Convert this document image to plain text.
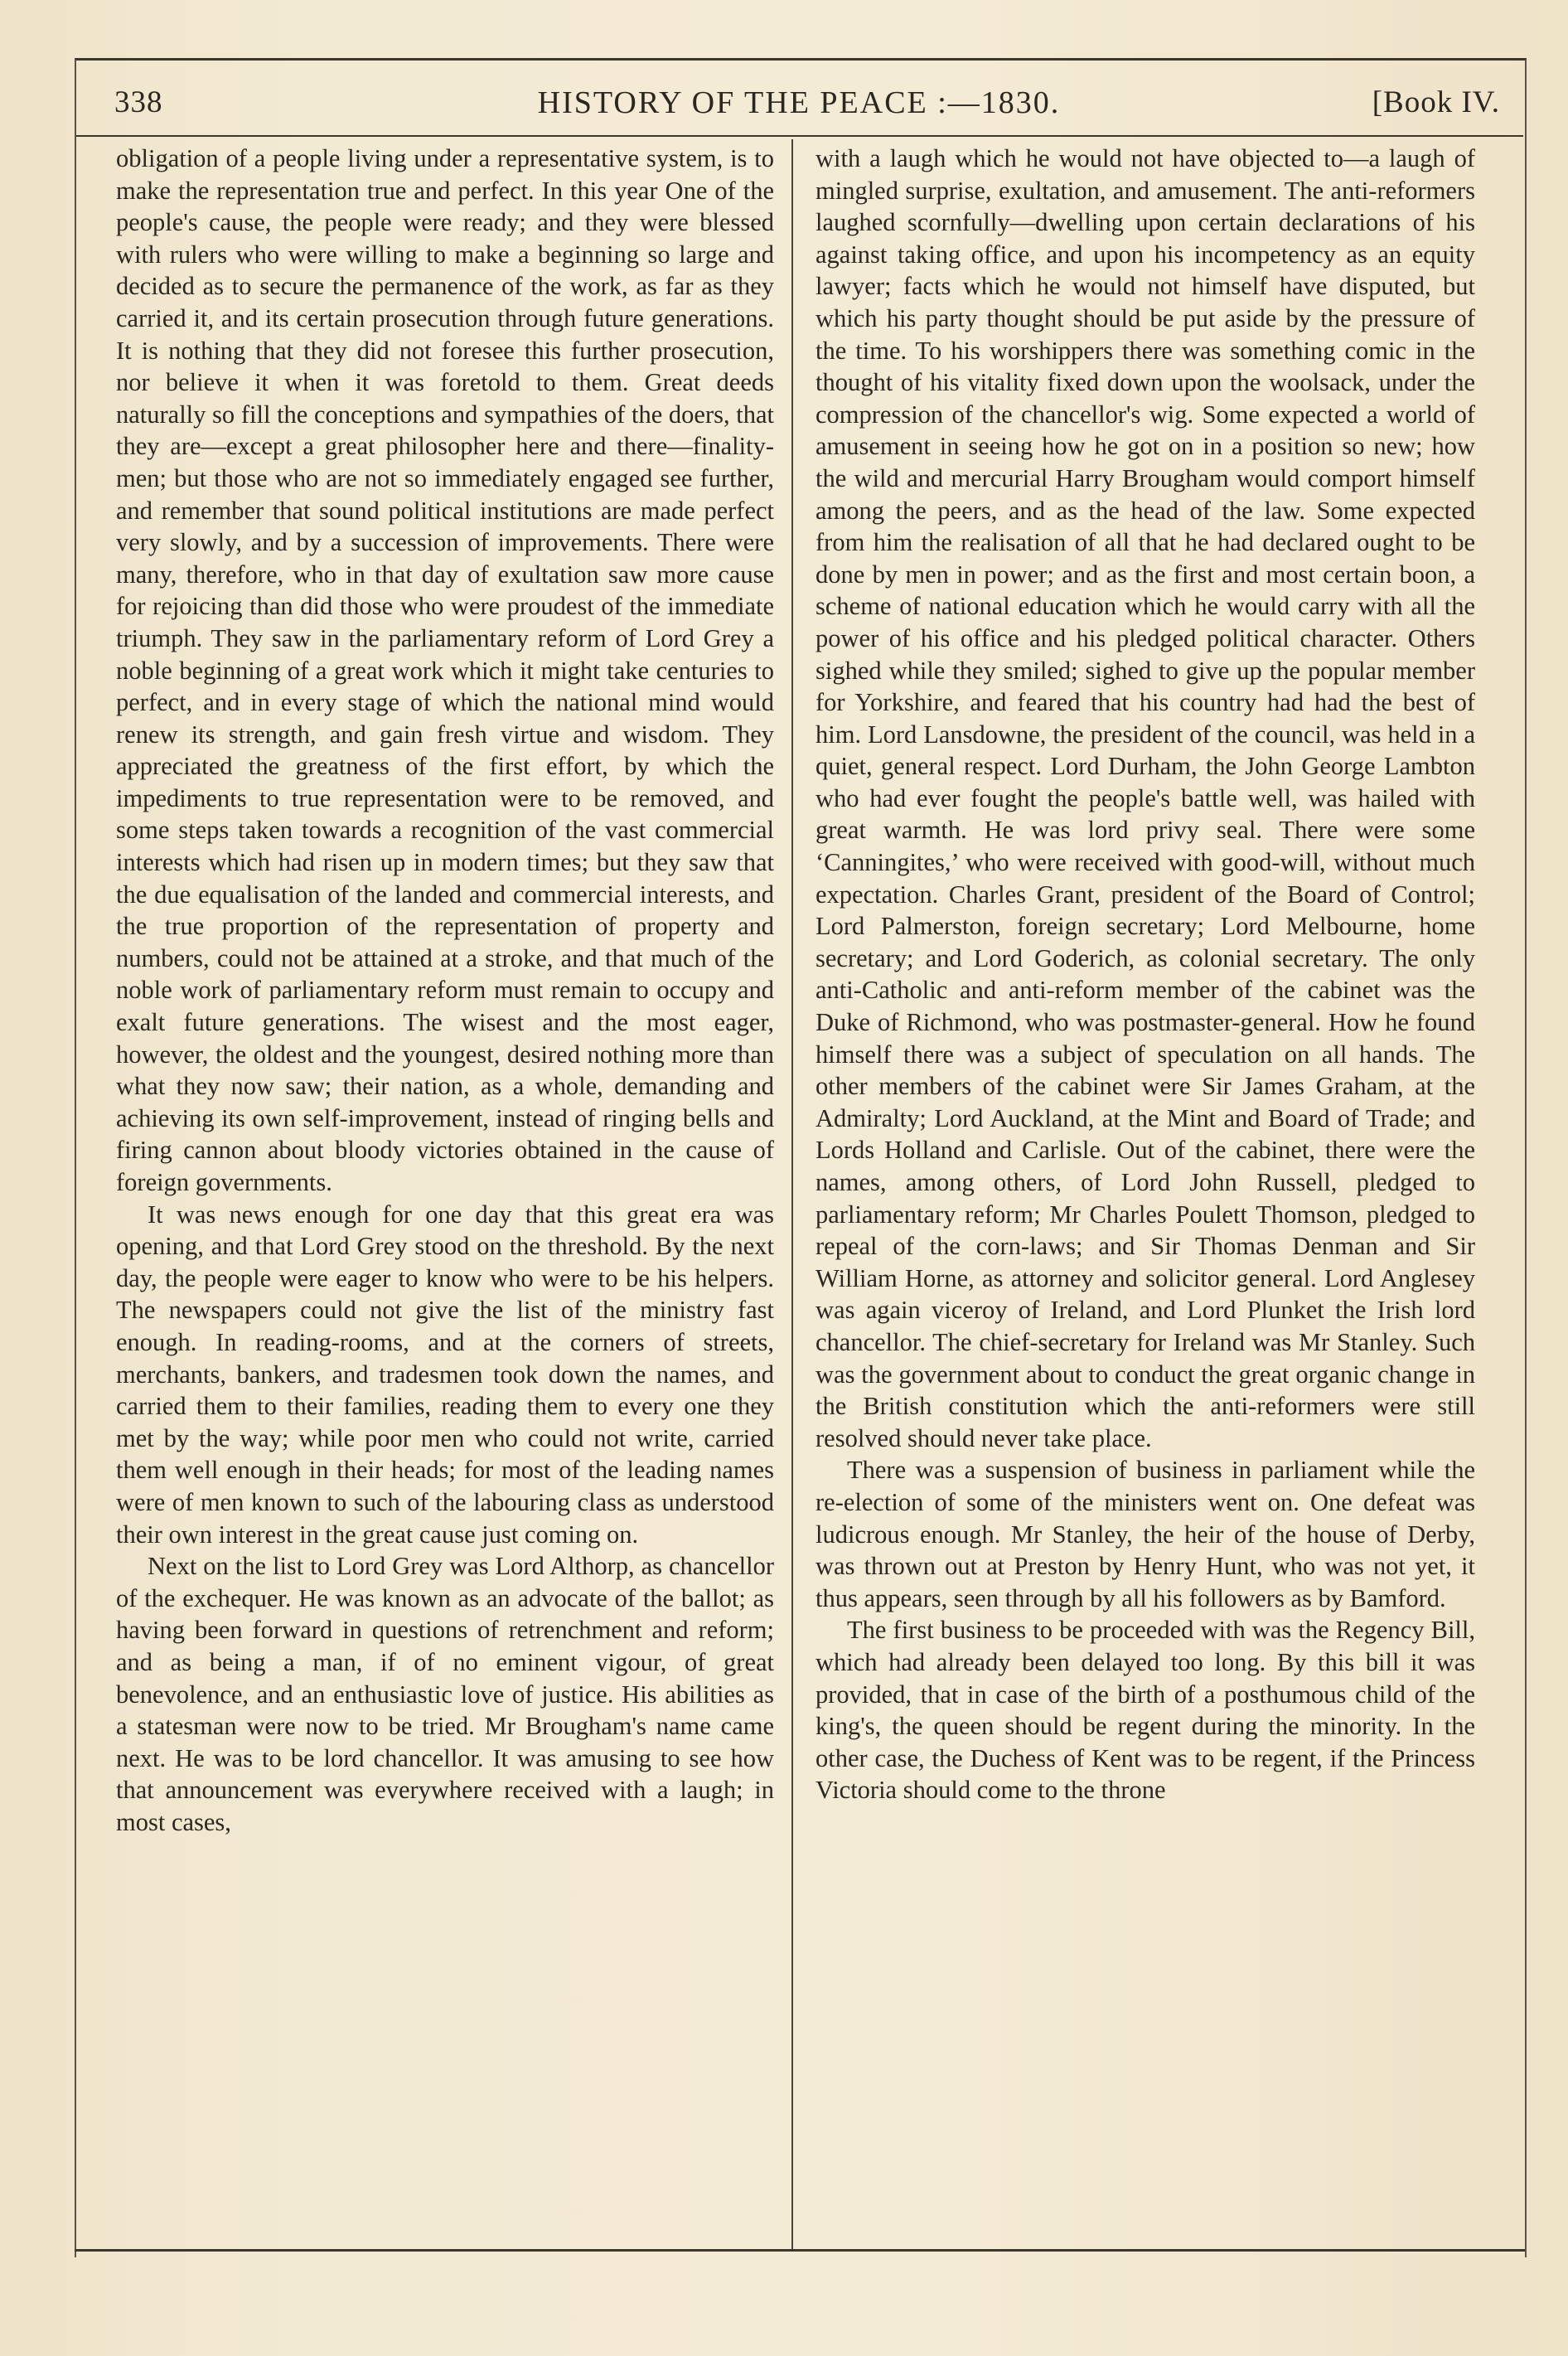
338	HISTORY OF THE PEACE :—1830.	[Book IV.

obligation of a people living under a representative system, is to make the representation true and perfect. In this year One of the people's cause, the people were ready; and they were blessed with rulers who were willing to make a beginning so large and decided as to secure the permanence of the work, as far as they carried it, and its certain prosecution through future generations. It is nothing that they did not foresee this further prosecution, nor believe it when it was foretold to them. Great deeds naturally so fill the conceptions and sympathies of the doers, that they are—except a great philosopher here and there—finality-men; but those who are not so immediately engaged see further, and remember that sound political institutions are made perfect very slowly, and by a succession of improvements. There were many, therefore, who in that day of exultation saw more cause for rejoicing than did those who were proudest of the immediate triumph. They saw in the parliamentary reform of Lord Grey a noble beginning of a great work which it might take centuries to perfect, and in every stage of which the national mind would renew its strength, and gain fresh virtue and wisdom. They appreciated the greatness of the first effort, by which the impediments to true representation were to be removed, and some steps taken towards a recognition of the vast commercial interests which had risen up in modern times; but they saw that the due equalisation of the landed and commercial interests, and the true proportion of the representation of property and numbers, could not be attained at a stroke, and that much of the noble work of parliamentary reform must remain to occupy and exalt future generations. The wisest and the most eager, however, the oldest and the youngest, desired nothing more than what they now saw; their nation, as a whole, demanding and achieving its own self-improvement, instead of ringing bells and firing cannon about bloody victories obtained in the cause of foreign governments.

It was news enough for one day that this great era was opening, and that Lord Grey stood on the threshold. By the next day, the people were eager to know who were to be his helpers. The newspapers could not give the list of the ministry fast enough. In reading-rooms, and at the corners of streets, merchants, bankers, and tradesmen took down the names, and carried them to their families, reading them to every one they met by the way; while poor men who could not write, carried them well enough in their heads; for most of the leading names were of men known to such of the labouring class as understood their own interest in the great cause just coming on.

Next on the list to Lord Grey was Lord Althorp, as chancellor of the exchequer. He was known as an advocate of the ballot; as having been forward in questions of retrenchment and reform; and as being a man, if of no eminent vigour, of great benevolence, and an enthusiastic love of justice. His abilities as a statesman were now to be tried. Mr Brougham's name came next. He was to be lord chancellor. It was amusing to see how that announcement was everywhere received with a laugh; in most cases,

with a laugh which he would not have objected to—a laugh of mingled surprise, exultation, and amusement. The anti-reformers laughed scornfully—dwelling upon certain declarations of his against taking office, and upon his incompetency as an equity lawyer; facts which he would not himself have disputed, but which his party thought should be put aside by the pressure of the time. To his worshippers there was something comic in the thought of his vitality fixed down upon the woolsack, under the compression of the chancellor's wig. Some expected a world of amusement in seeing how he got on in a position so new; how the wild and mercurial Harry Brougham would comport himself among the peers, and as the head of the law. Some expected from him the realisation of all that he had declared ought to be done by men in power; and as the first and most certain boon, a scheme of national education which he would carry with all the power of his office and his pledged political character. Others sighed while they smiled; sighed to give up the popular member for Yorkshire, and feared that his country had had the best of him. Lord Lansdowne, the president of the council, was held in a quiet, general respect. Lord Durham, the John George Lambton who had ever fought the people's battle well, was hailed with great warmth. He was lord privy seal. There were some ‘Canningites,’ who were received with good-will, without much expectation. Charles Grant, president of the Board of Control; Lord Palmerston, foreign secretary; Lord Melbourne, home secretary; and Lord Goderich, as colonial secretary. The only anti-Catholic and anti-reform member of the cabinet was the Duke of Richmond, who was postmaster-general. How he found himself there was a subject of speculation on all hands. The other members of the cabinet were Sir James Graham, at the Admiralty; Lord Auckland, at the Mint and Board of Trade; and Lords Holland and Carlisle. Out of the cabinet, there were the names, among others, of Lord John Russell, pledged to parliamentary reform; Mr Charles Poulett Thomson, pledged to repeal of the corn-laws; and Sir Thomas Denman and Sir William Horne, as attorney and solicitor general. Lord Anglesey was again viceroy of Ireland, and Lord Plunket the Irish lord chancellor. The chief-secretary for Ireland was Mr Stanley. Such was the government about to conduct the great organic change in the British constitution which the anti-reformers were still resolved should never take place.

There was a suspension of business in parliament while the re-election of some of the ministers went on. One defeat was ludicrous enough. Mr Stanley, the heir of the house of Derby, was thrown out at Preston by Henry Hunt, who was not yet, it thus appears, seen through by all his followers as by Bamford.

The first business to be proceeded with was the Regency Bill, which had already been delayed too long. By this bill it was provided, that in case of the birth of a posthumous child of the king's, the queen should be regent during the minority. In the other case, the Duchess of Kent was to be regent, if the Princess Victoria should come to the throne
